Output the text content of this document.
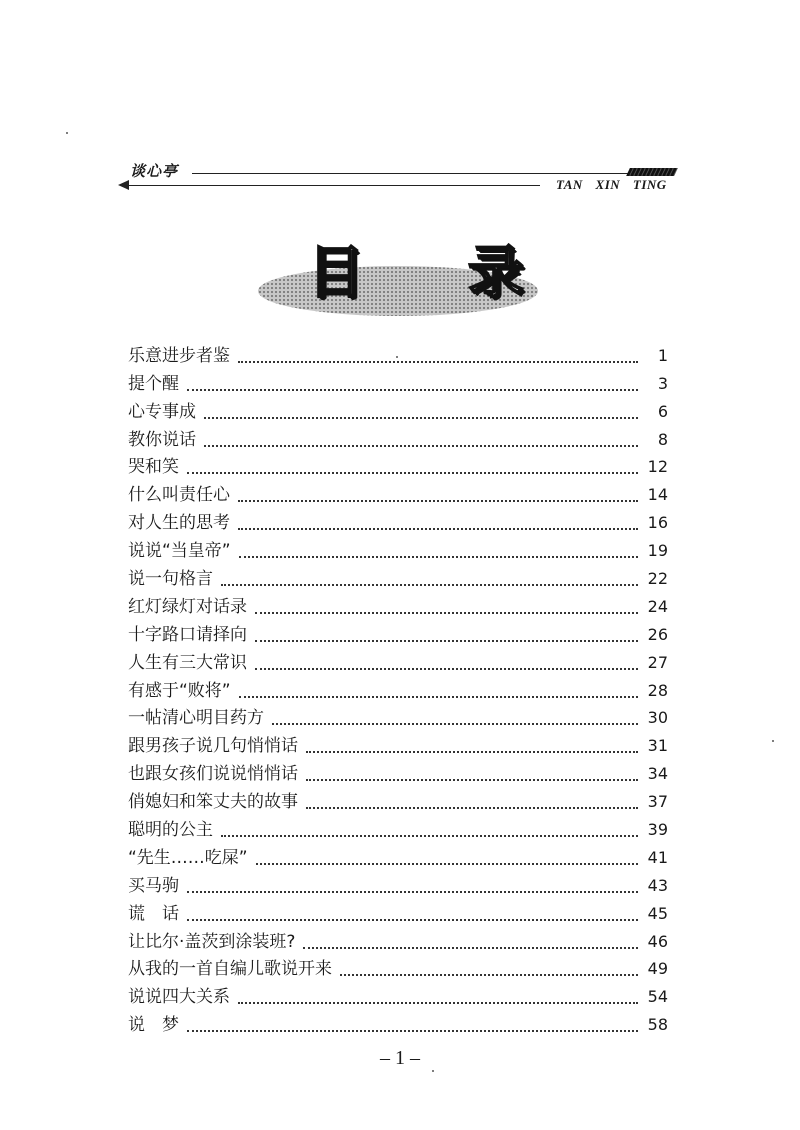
谈心亭
TAN XIN TING
目 录
乐意进步者鉴	1
提个醒	3
心专事成	6
教你说话	8
哭和笑	12
什么叫责任心	14
对人生的思考	16
说说“当皇帝”	19
说一句格言	22
红灯绿灯对话录	24
十字路口请择向	26
人生有三大常识	27
有感于“败将”	28
一帖清心明目药方	30
跟男孩子说几句悄悄话	31
也跟女孩们说说悄悄话	34
俏媳妇和笨丈夫的故事	37
聪明的公主	39
“先生……吃屎”	41
买马驹	43
谎　话	45
让比尔·盖茨到涂装班?	46
从我的一首自编儿歌说开来	49
说说四大关系	54
说　梦	58
– 1 –
